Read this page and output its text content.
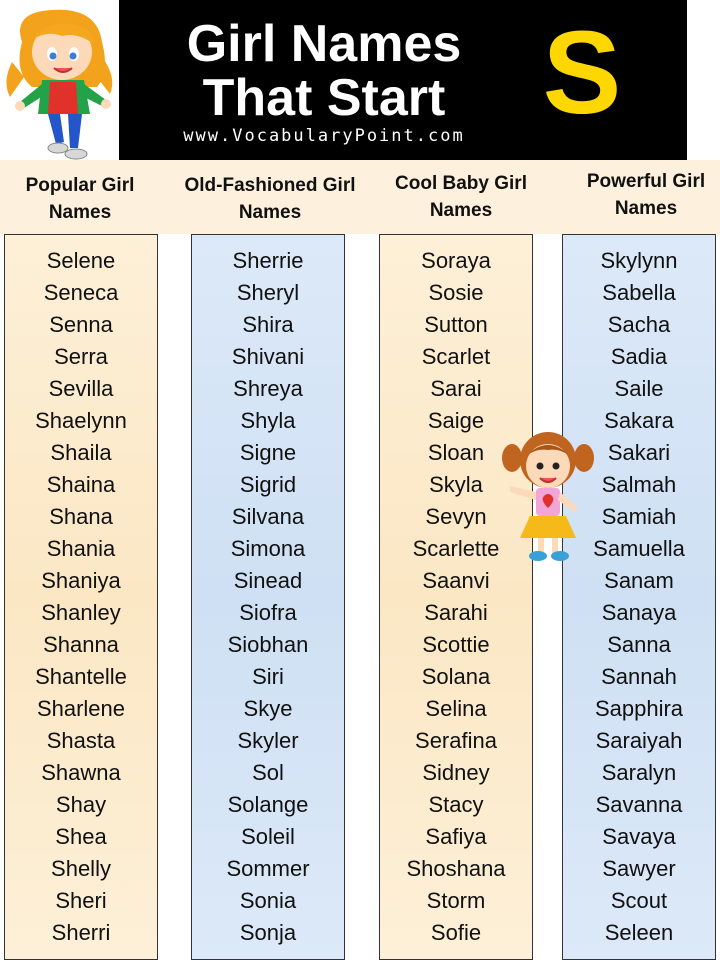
Girl Names
That Start S
www.VocabularyPoint.com
Popular Girl
Names
Old-Fashioned Girl
Names
Cool Baby Girl
Names
Powerful Girl
Names
Selene
Seneca
Senna
Serra
Sevilla
Shaelynn
Shaila
Shaina
Shana
Shania
Shaniya
Shanley
Shanna
Shantelle
Sharlene
Shasta
Shawna
Shay
Shea
Shelly
Sheri
Sherri
Sherrie
Sheryl
Shira
Shivani
Shreya
Shyla
Signe
Sigrid
Silvana
Simona
Sinead
Siofra
Siobhan
Siri
Skye
Skyler
Sol
Solange
Soleil
Sommer
Sonia
Sonja
Soraya
Sosie
Sutton
Scarlet
Sarai
Saige
Sloan
Skyla
Sevyn
Scarlette
Saanvi
Sarahi
Scottie
Solana
Selina
Serafina
Sidney
Stacy
Safiya
Shoshana
Storm
Sofie
Skylynn
Sabella
Sacha
Sadia
Saile
Sakara
Sakari
Salmah
Samiah
Samuella
Sanam
Sanaya
Sanna
Sannah
Sapphira
Saraiyah
Saralyn
Savanna
Savaya
Sawyer
Scout
Seleen
